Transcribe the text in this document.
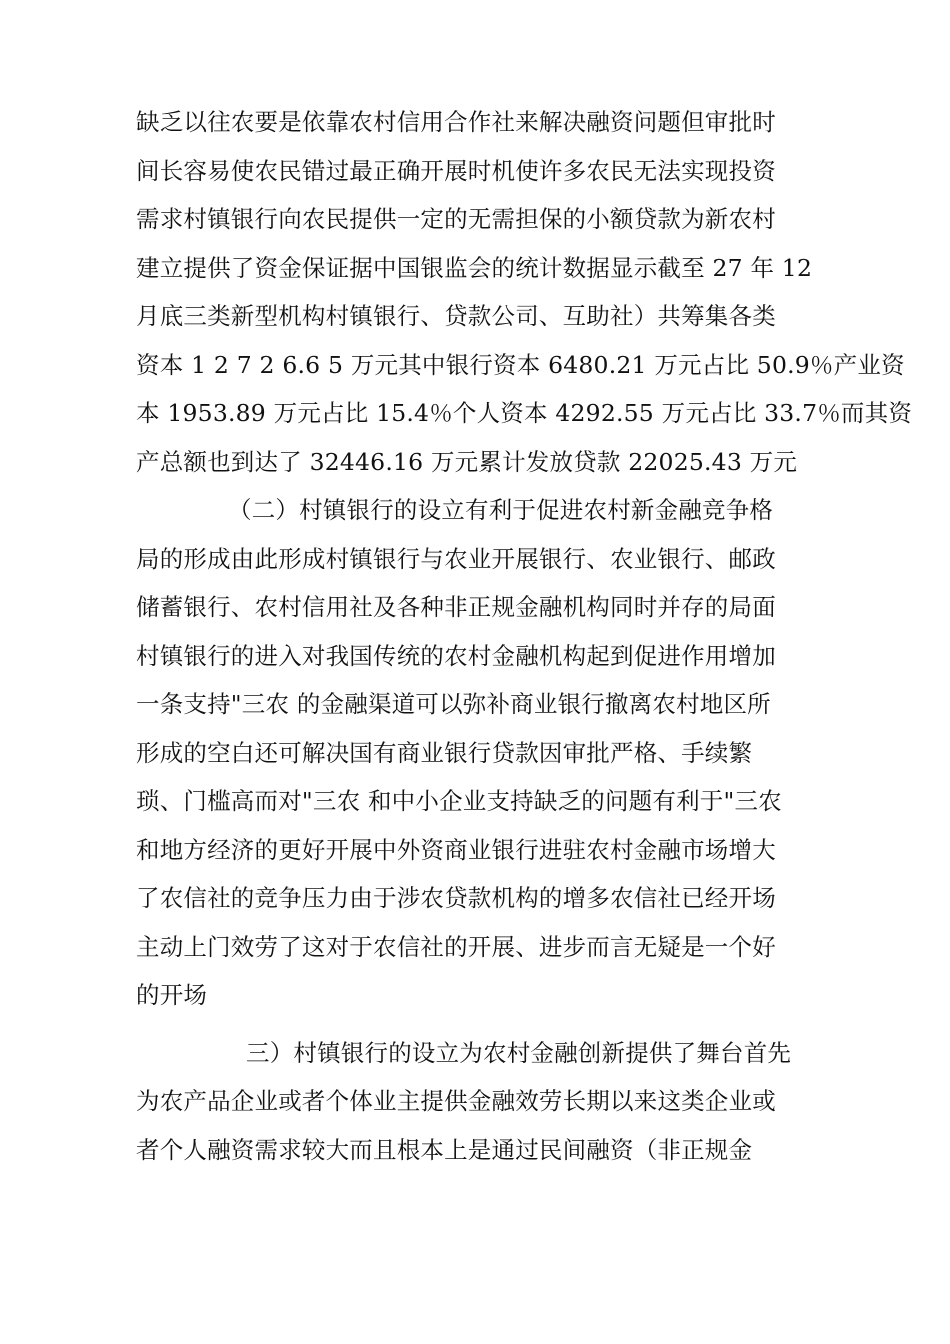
缺乏以往农要是依靠农村信用合作社来解决融资问题但审批时
间长容易使农民错过最正确开展时机使许多农民无法实现投资
需求村镇银行向农民提供一定的无需担保的小额贷款为新农村
建立提供了资金保证据中国银监会的统计数据显示截至 27 年 12
月底三类新型机构村镇银行、贷款公司、互助社）共筹集各类
资本 1 2 7 2 6.6 5 万元其中银行资本 6480.21 万元占比 50.9％产业资
本 1953.89 万元占比 15.4％个人资本 4292.55 万元占比 33.7％而其资
产总额也到达了 32446.16 万元累计发放贷款 22025.43 万元
（二）村镇银行的设立有利于促进农村新金融竞争格
局的形成由此形成村镇银行与农业开展银行、农业银行、邮政
储蓄银行、农村信用社及各种非正规金融机构同时并存的局面
村镇银行的进入对我国传统的农村金融机构起到促进作用增加
一条支持"三农 的金融渠道可以弥补商业银行撤离农村地区所
形成的空白还可解决国有商业银行贷款因审批严格、手续繁
琐、门槛高而对"三农 和中小企业支持缺乏的问题有利于"三农
和地方经济的更好开展中外资商业银行进驻农村金融市场增大
了农信社的竞争压力由于涉农贷款机构的增多农信社已经开场
主动上门效劳了这对于农信社的开展、进步而言无疑是一个好
的开场
三）村镇银行的设立为农村金融创新提供了舞台首先
为农产品企业或者个体业主提供金融效劳长期以来这类企业或
者个人融资需求较大而且根本上是通过民间融资（非正规金
